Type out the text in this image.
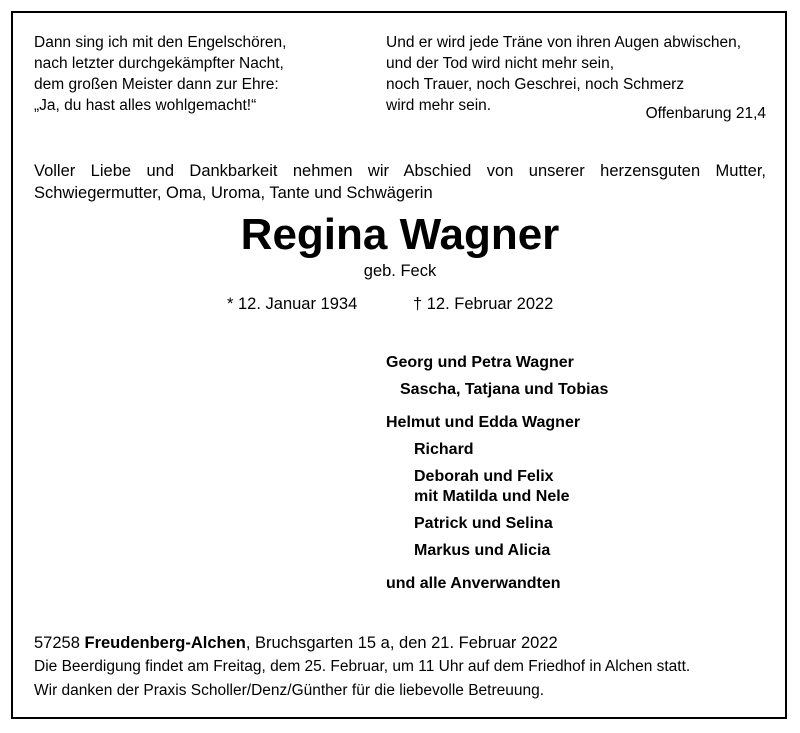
Dann sing ich mit den Engelschören,
nach letzter durchgekämpfter Nacht,
dem großen Meister dann zur Ehre:
„Ja, du hast alles wohlgemacht!“
Und er wird jede Träne von ihren Augen abwischen,
und der Tod wird nicht mehr sein,
noch Trauer, noch Geschrei, noch Schmerz
wird mehr sein.	Offenbarung 21,4
Voller Liebe und Dankbarkeit nehmen wir Abschied von unserer herzensguten Mutter, Schwiegermutter, Oma, Uroma, Tante und Schwägerin
Regina Wagner
geb. Feck
* 12. Januar 1934	† 12. Februar 2022
Georg und Petra Wagner
Sascha, Tatjana und Tobias
Helmut und Edda Wagner
Richard
Deborah und Felix
mit Matilda und Nele
Patrick und Selina
Markus und Alicia
und alle Anverwandten
57258 Freudenberg-Alchen, Bruchsgarten 15 a, den 21. Februar 2022
Die Beerdigung findet am Freitag, dem 25. Februar, um 11 Uhr auf dem Friedhof in Alchen statt.
Wir danken der Praxis Scholler/Denz/Günther für die liebevolle Betreuung.
